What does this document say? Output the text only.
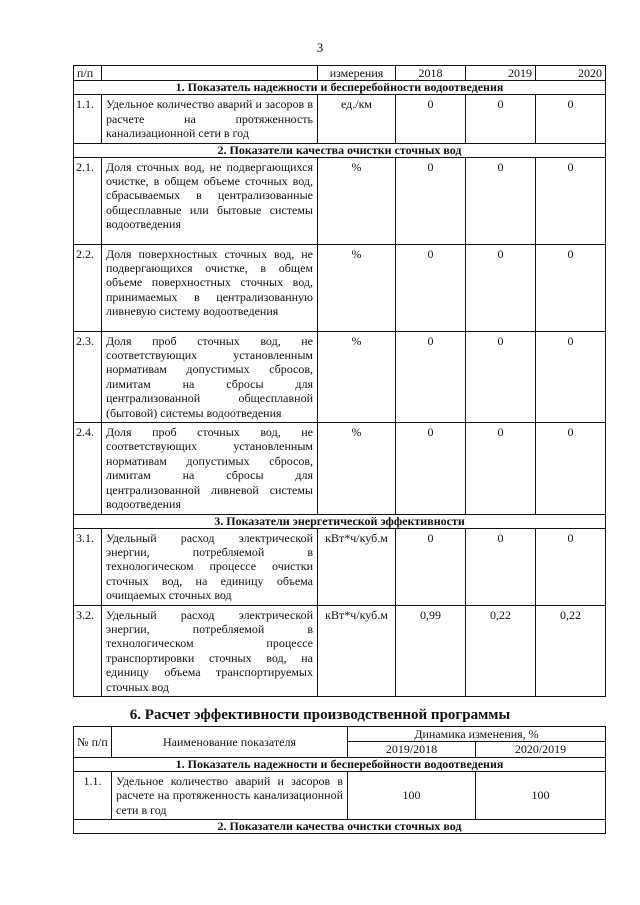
3
п/п		измерения	2018	2019	2020
1. Показатель надежности и бесперебойности водоотведения					
1.1.	Удельное количество аварий и засоров в расчете на протяженность канализационной сети в год	ед./км	0	0	0
2. Показатели качества очистки сточных вод					
2.1.	Доля сточных вод, не подвергающихся очистке, в общем объеме сточных вод, сбрасываемых в централизованные общесплавные или бытовые системы водоотведения	%	0	0	0
2.2.	Доля поверхностных сточных вод, не подвергающихся очистке, в общем объеме поверхностных сточных вод, принимаемых в централизованную ливневую систему водоотведения	%	0	0	0
2.3.	Доля проб сточных вод, не соответствующих установленным нормативам допустимых сбросов, лимитам на сбросы для централизованной общесплавной (бытовой) системы водоотведения	%	0	0	0
2.4.	Доля проб сточных вод, не соответствующих установленным нормативам допустимых сбросов, лимитам на сбросы для централизованной ливневой системы водоотведения	%	0	0	0
3. Показатели энергетической эффективности					
3.1.	Удельный расход электрической энергии, потребляемой в технологическом процессе очистки сточных вод, на единицу объема очищаемых сточных вод	кВт*ч/куб.м	0	0	0
3.2.	Удельный расход электрической энергии, потребляемой в технологическом процессе транспортировки сточных вод, на единицу объема транспортируемых сточных вод	кВт*ч/куб.м	0,99	0,22	0,22
6. Расчет эффективности производственной программы
№ п/п	Наименование показателя	Динамика изменения, %	
		2019/2018	2020/2019
1. Показатель надежности и бесперебойности водоотведения			
1.1.	Удельное количество аварий и засоров в расчете на протяженность канализационной сети в год	100	100
2. Показатели качества очистки сточных вод			
